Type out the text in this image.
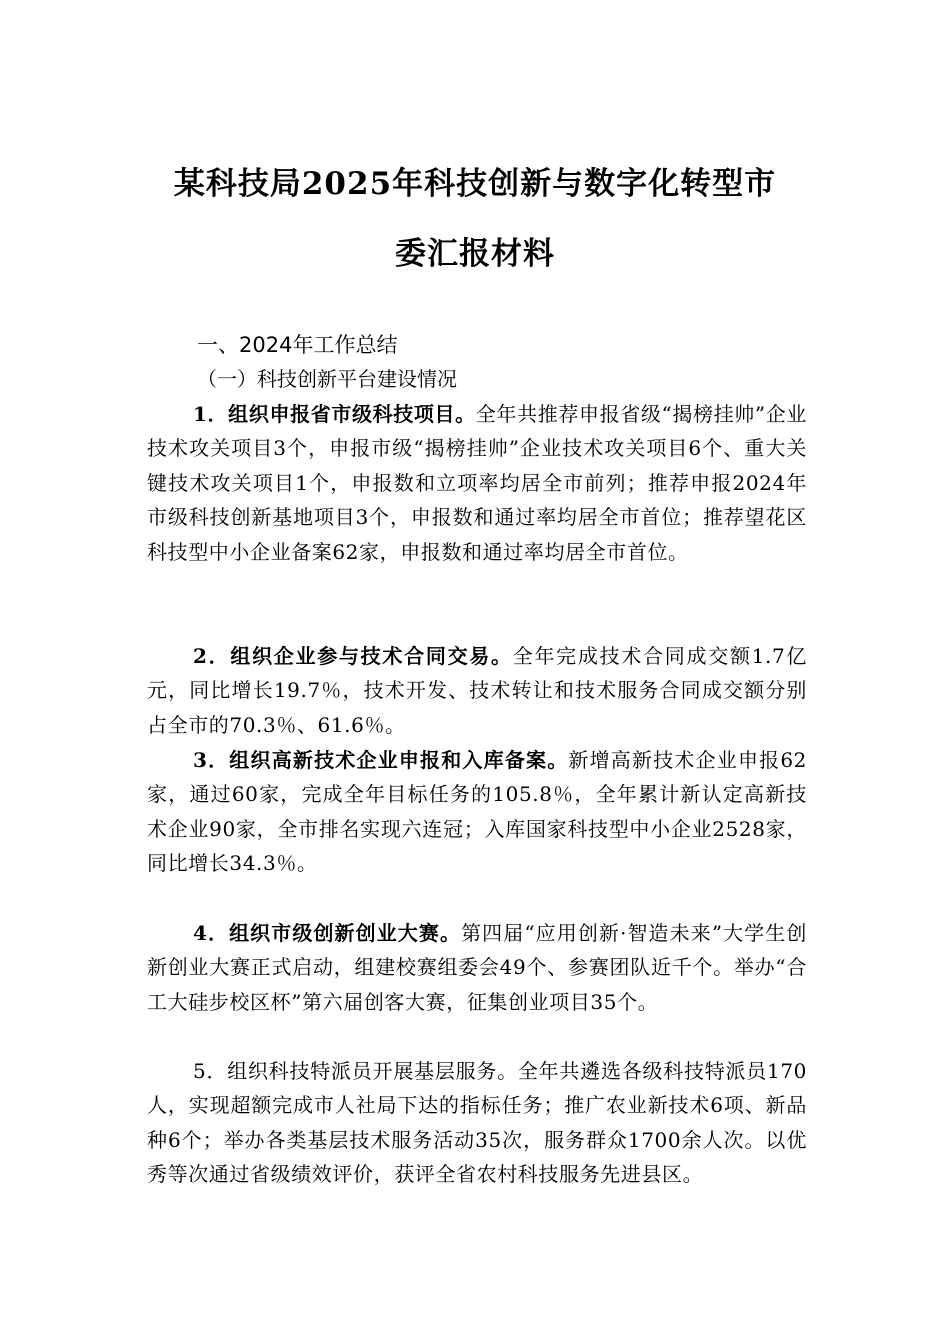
某科技局2025年科技创新与数字化转型市
委汇报材料
一、2024年工作总结
（一）科技创新平台建设情况
1．组织申报省市级科技项目。全年共推荐申报省级“揭榜挂帅”企业技术攻关项目3个，申报市级“揭榜挂帅”企业技术攻关项目6个、重大关键技术攻关项目1个，申报数和立项率均居全市前列；推荐申报2024年市级科技创新基地项目3个，申报数和通过率均居全市首位；推荐望花区科技型中小企业备案62家，申报数和通过率均居全市首位。
2．组织企业参与技术合同交易。全年完成技术合同成交额1.7亿元，同比增长19.7％，技术开发、技术转让和技术服务合同成交额分别占全市的70.3％、61.6％。
3．组织高新技术企业申报和入库备案。新增高新技术企业申报62家，通过60家，完成全年目标任务的105.8％，全年累计新认定高新技术企业90家，全市排名实现六连冠；入库国家科技型中小企业2528家，同比增长34.3％。
4．组织市级创新创业大赛。第四届“应用创新·智造未来”大学生创新创业大赛正式启动，组建校赛组委会49个、参赛团队近千个。举办“合工大硅步校区杯”第六届创客大赛，征集创业项目35个。
5．组织科技特派员开展基层服务。全年共遴选各级科技特派员170人，实现超额完成市人社局下达的指标任务；推广农业新技术6项、新品种6个；举办各类基层技术服务活动35次，服务群众1700余人次。以优秀等次通过省级绩效评价，获评全省农村科技服务先进县区。
